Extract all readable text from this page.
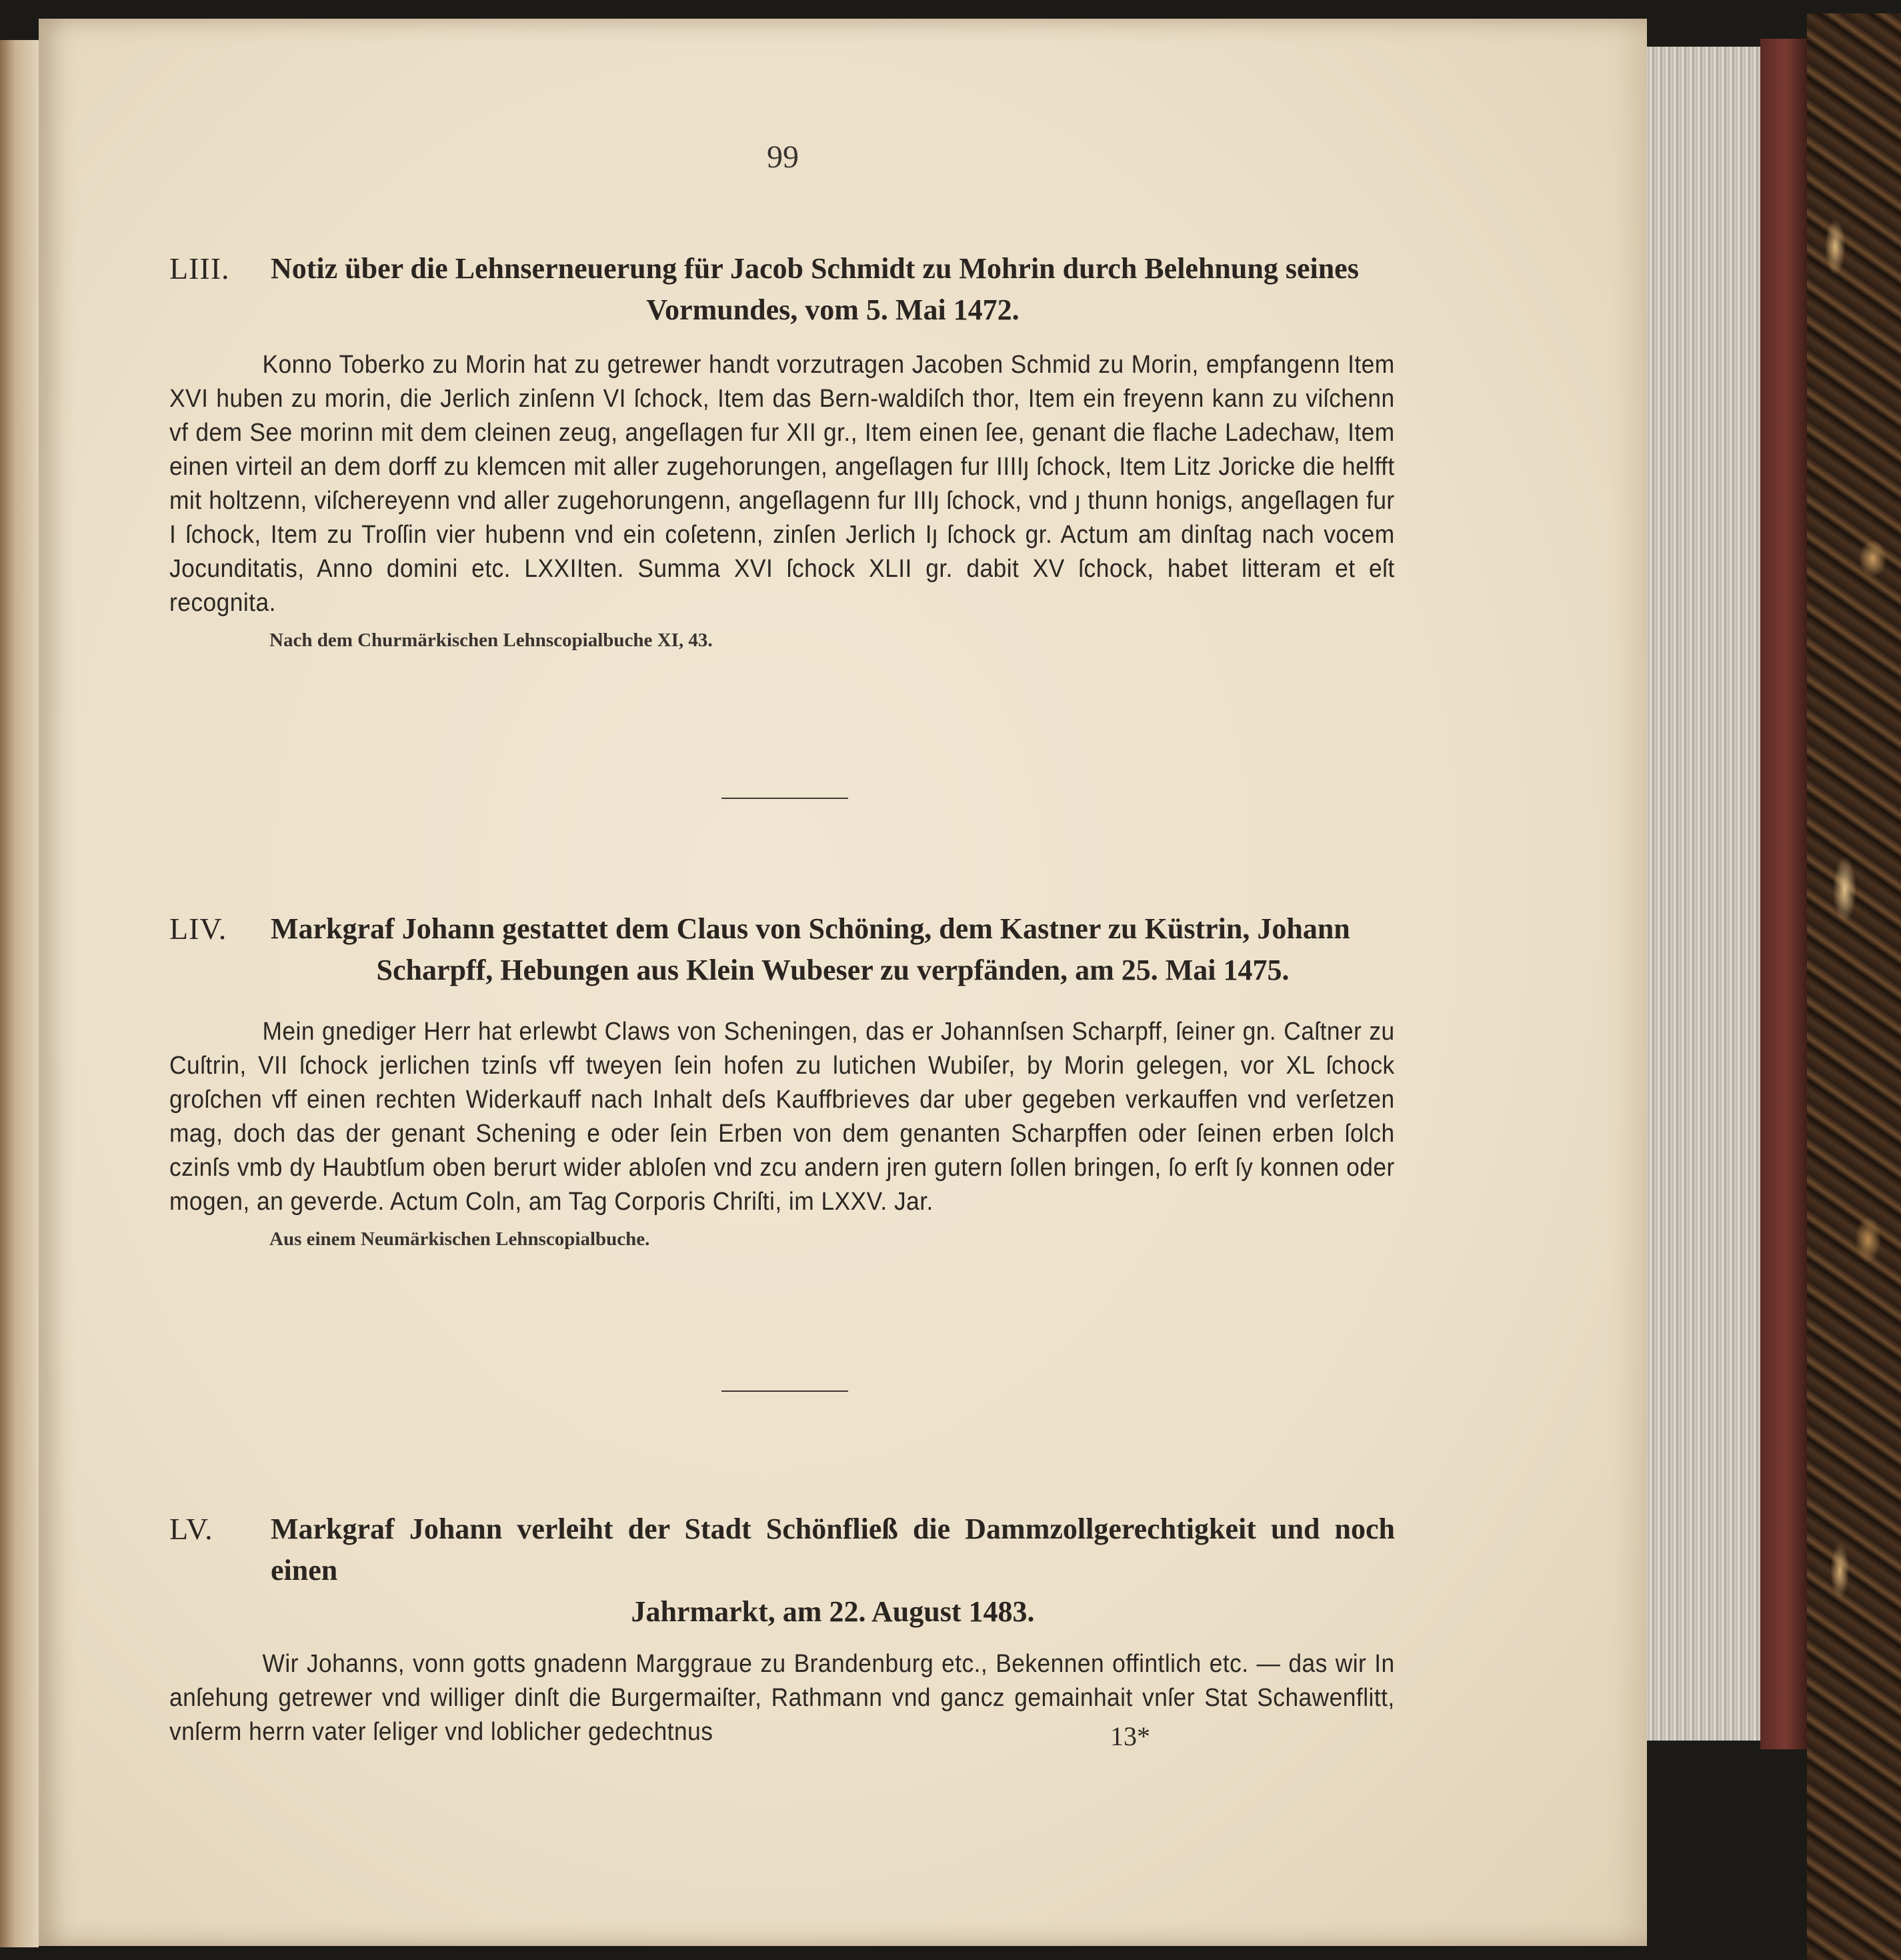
99
LIII. Notiz über die Lehnserneuerung für Jacob Schmidt zu Mohrin durch Belehnung seines
Vormundes, vom 5. Mai 1472.
Konno Toberko zu Morin hat zu getrewer handt vorzutragen Jacoben Schmid zu Morin, empfangenn Item XVI huben zu morin, die Jerlich zinſenn VI ſchock, Item das Bern-waldiſch thor, Item ein freyenn kann zu viſchenn vf dem See morinn mit dem cleinen zeug, angeſlagen fur XII gr., Item einen ſee, genant die flache Ladechaw, Item einen virteil an dem dorff zu klemcen mit aller zugehorungen, angeſlagen fur IIIIȷ ſchock, Item Litz Joricke die helfft mit holtzenn, viſchereyenn vnd aller zugehorungenn, angeſlagenn fur IIIȷ ſchock, vnd ȷ thunn honigs, angeſlagen fur I ſchock, Item zu Troſſin vier hubenn vnd ein coſetenn, zinſen Jerlich Iȷ ſchock gr. Actum am dinſtag nach vocem Jocunditatis, Anno domini etc. LXXIIten. Summa XVI ſchock XLII gr. dabit XV ſchock, habet litteram et eſt recognita.
Nach dem Churmärkischen Lehnscopialbuche XI, 43.
LIV. Markgraf Johann gestattet dem Claus von Schöning, dem Kastner zu Küstrin, Johann
Scharpff, Hebungen aus Klein Wubeser zu verpfänden, am 25. Mai 1475.
Mein gnediger Herr hat erlewbt Claws von Scheningen, das er Johannſsen Scharpff, ſeiner gn. Caſtner zu Cuſtrin, VII ſchock jerlichen tzinſs vff tweyen ſein hofen zu lutichen Wubiſer, by Morin gelegen, vor XL ſchock groſchen vff einen rechten Widerkauff nach Inhalt deſs Kauffbrieves dar uber gegeben verkauffen vnd verſetzen mag, doch das der genant Schening e oder ſein Erben von dem genanten Scharpffen oder ſeinen erben ſolch czinſs vmb dy Haubtſum oben berurt wider abloſen vnd zcu andern jren gutern ſollen bringen, ſo erſt ſy konnen oder mogen, an geverde. Actum Coln, am Tag Corporis Chriſti, im LXXV. Jar.
Aus einem Neumärkischen Lehnscopialbuche.
LV. Markgraf Johann verleiht der Stadt Schönfließ die Dammzollgerechtigkeit und noch einen
Jahrmarkt, am 22. August 1483.
Wir Johanns, vonn gotts gnadenn Marggraue zu Brandenburg etc., Bekennen offintlich etc. — das wir In anſehung getrewer vnd williger dinſt die Burgermaiſter, Rathmann vnd gancz gemainhait vnſer Stat Schawenflitt, vnſerm herrn vater ſeliger vnd loblicher gedechtnus	13*
